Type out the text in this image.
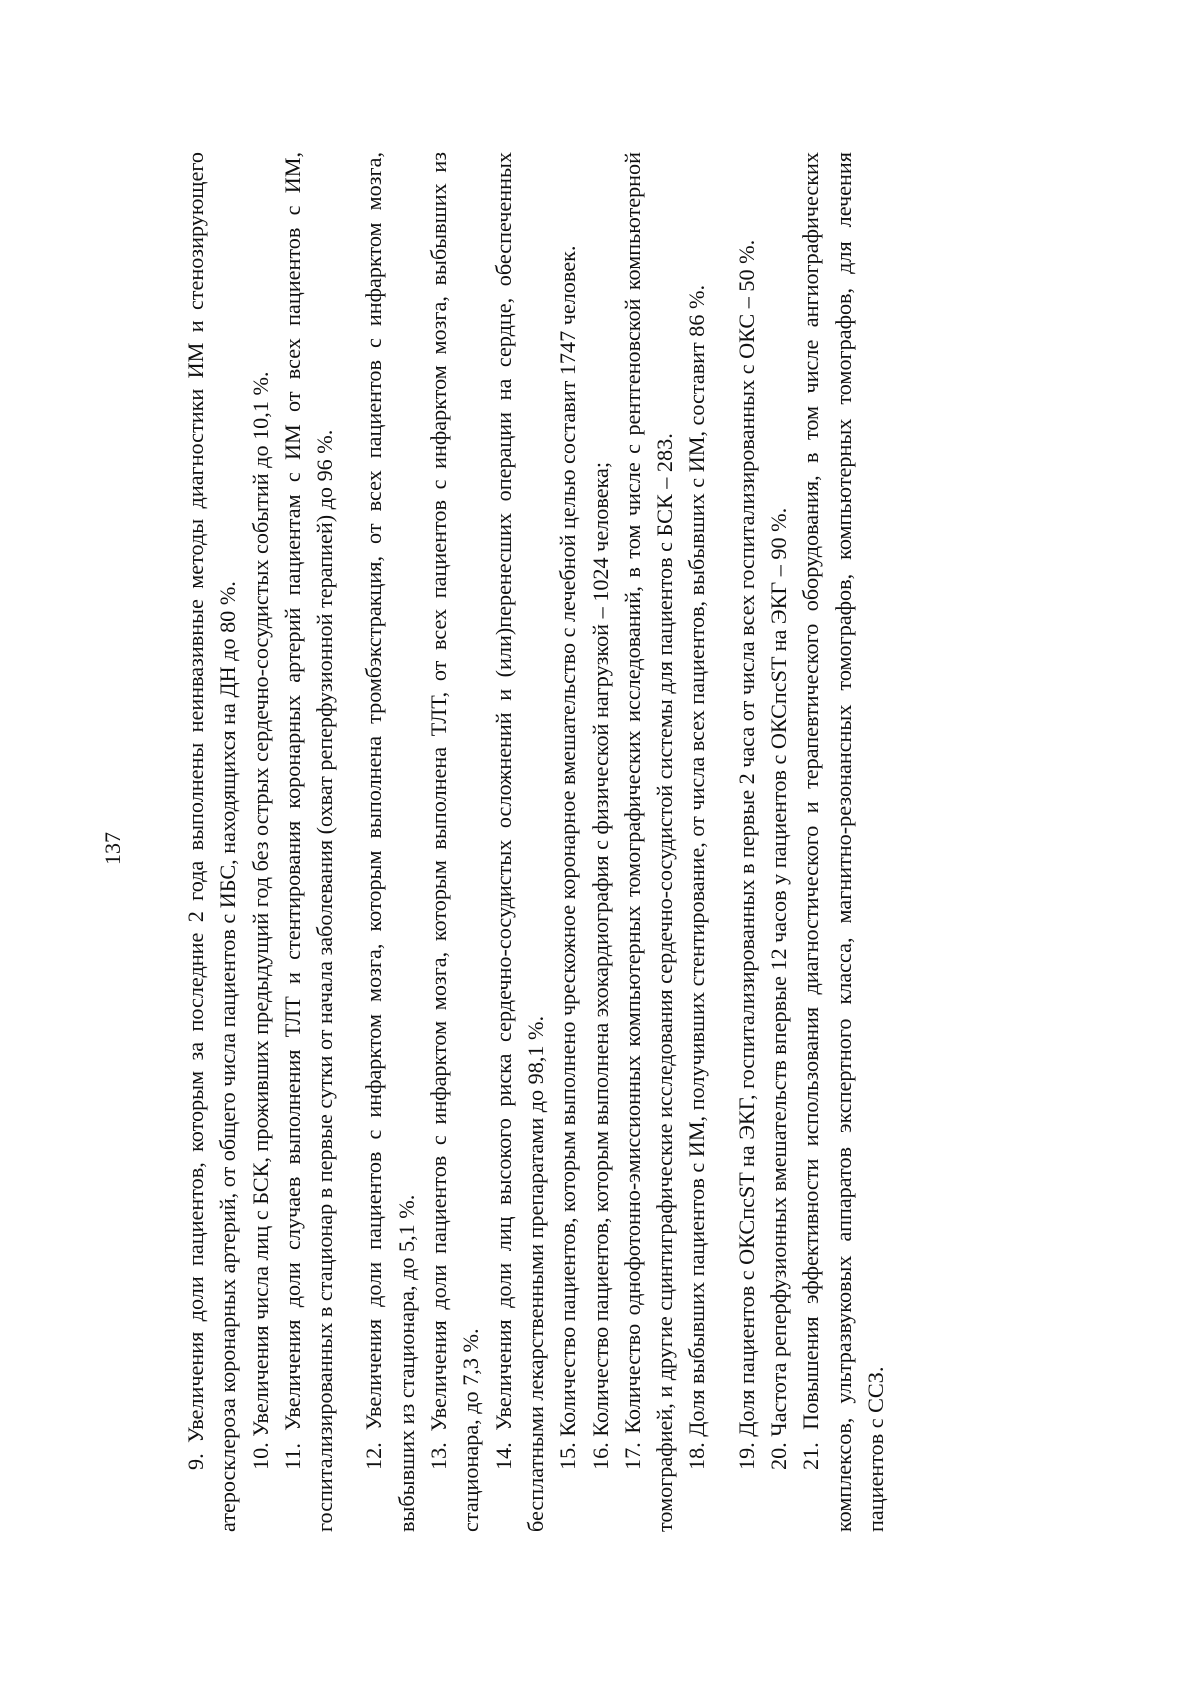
137	9. Увеличения доли пациентов, которым за последние 2 года выполнены неинвазивные методы диагностики ИМ и стенозирующего атеросклероза коронарных артерий, от общего числа пациентов с ИБС, находящихся на ДН до 80 %. 10. Увеличения числа лиц с БСК, проживших предыдущий год без острых сердечно-сосудистых событий до 10,1 %. 11. Увеличения доли случаев выполнения ТЛТ и стентирования коронарных артерий пациентам с ИМ от всех пациентов с ИМ, госпитализированных в стационар в первые сутки от начала заболевания (охват реперфузионной терапией) до 96 %. 12. Увеличения доли пациентов с инфарктом мозга, которым выполнена тромбэкстракция, от всех пациентов с инфарктом мозга, выбывших из стационара, до 5,1 %. 13. Увеличения доли пациентов с инфарктом мозга, которым выполнена ТЛТ, от всех пациентов с инфарктом мозга, выбывших из стационара, до 7,3 %. 14. Увеличения доли лиц высокого риска сердечно-сосудистых осложнений и (или)перенесших операции на сердце, обеспеченных бесплатными лекарственными препаратами до 98,1 %. 15. Количество пациентов, которым выполнено чрескожное коронарное вмешательство с лечебной целью составит 1747 человек. 16. Количество пациентов, которым выполнена эхокардиография с физической нагрузкой – 1024 человека; 17. Количество однофотонно-эмиссионных компьютерных томографических исследований, в том числе с рентгеновской компьютерной томографией, и другие сцинтиграфические исследования сердечно-сосудистой системы для пациентов с БСК – 283. 18. Доля выбывших пациентов с ИМ, получивших стентирование, от числа всех пациентов, выбывших с ИМ, составит 86 %. 19. Доля пациентов с ОКСпсST на ЭКГ, госпитализированных в первые 2 часа от числа всех госпитализированных с ОКС – 50 %. 20. Частота реперфузионных вмешательств впервые 12 часов у пациентов с ОКСпсST на ЭКГ – 90 %. 21. Повышения эффективности использования диагностического и терапевтического оборудования, в том числе ангиографических комплексов, ультразвуковых аппаратов экспертного класса, магнитно-резонансных томографов, компьютерных томографов, для лечения пациентов с ССЗ.
